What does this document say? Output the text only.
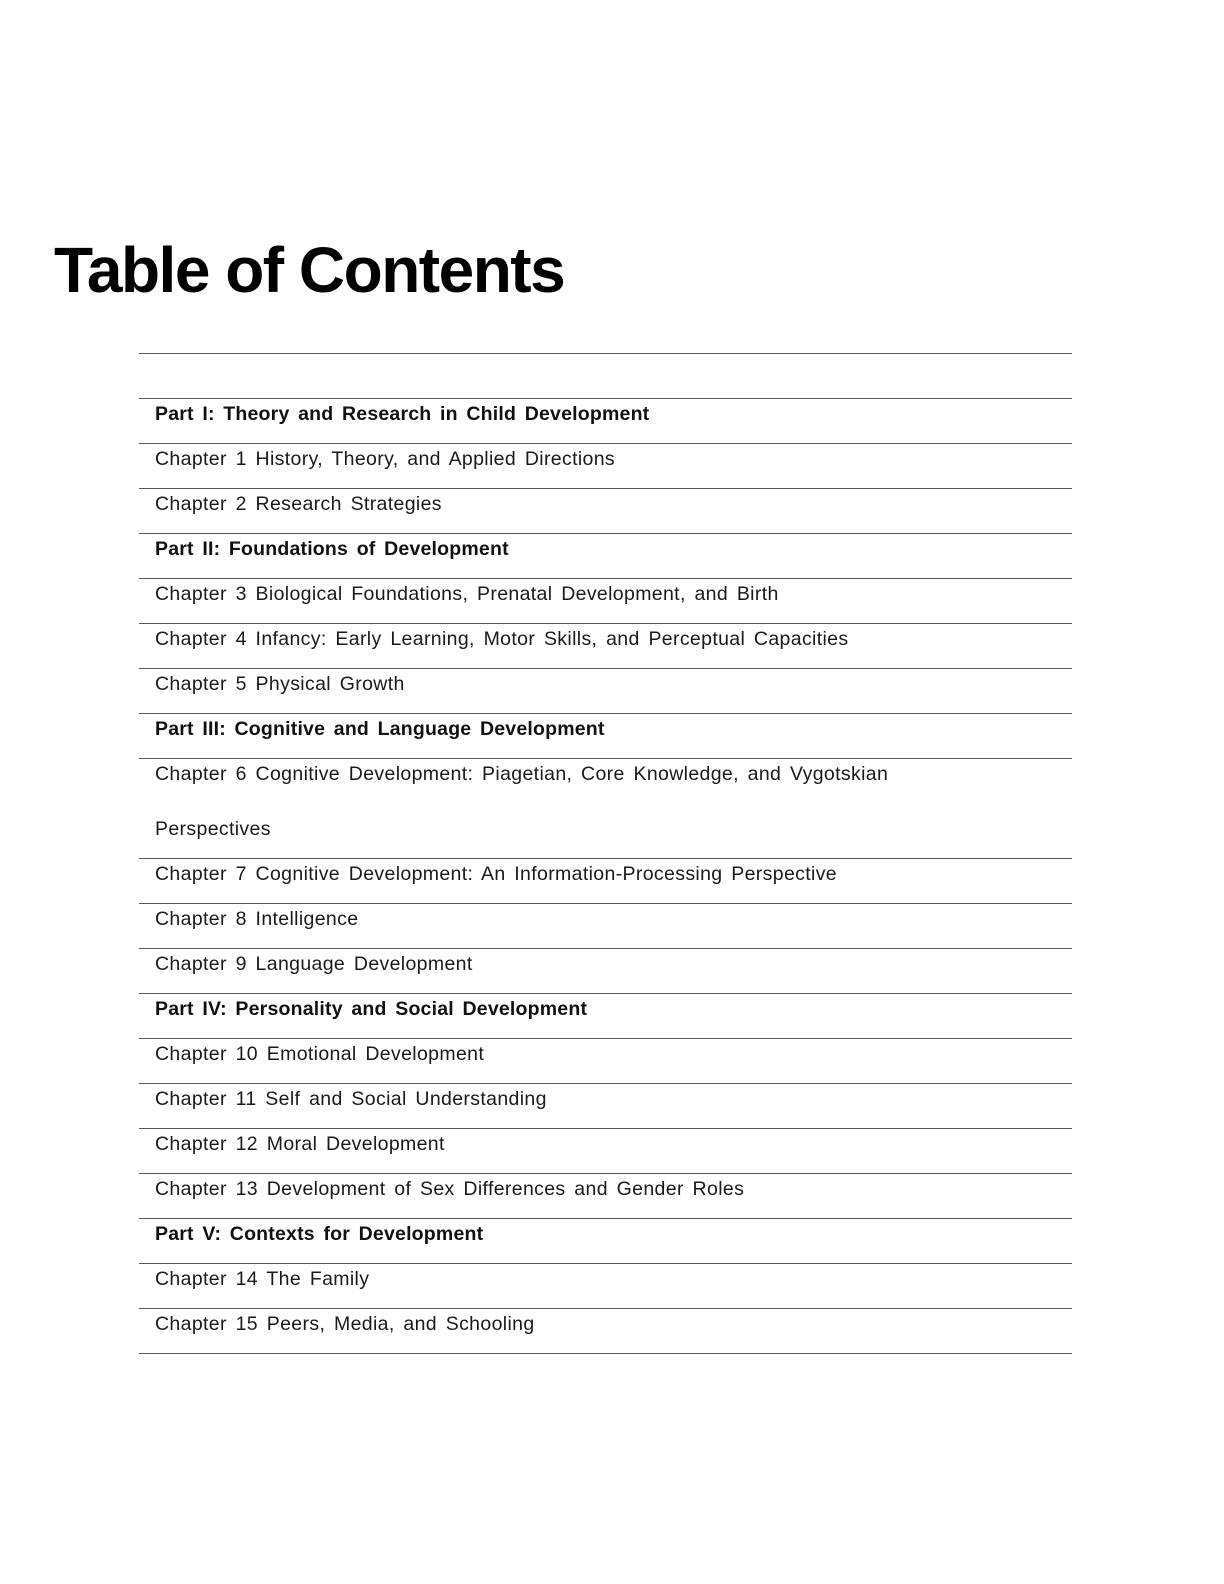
Table of Contents
Part I: Theory and Research in Child Development
Chapter 1 History, Theory, and Applied Directions
Chapter 2 Research Strategies
Part II: Foundations of Development
Chapter 3 Biological Foundations, Prenatal Development, and Birth
Chapter 4 Infancy: Early Learning, Motor Skills, and Perceptual Capacities
Chapter 5 Physical Growth
Part III: Cognitive and Language Development
Chapter 6 Cognitive Development: Piagetian, Core Knowledge, and Vygotskian
Perspectives
Chapter 7 Cognitive Development: An Information-Processing Perspective
Chapter 8 Intelligence
Chapter 9 Language Development
Part IV: Personality and Social Development
Chapter 10 Emotional Development
Chapter 11 Self and Social Understanding
Chapter 12 Moral Development
Chapter 13 Development of Sex Differences and Gender Roles
Part V: Contexts for Development
Chapter 14 The Family
Chapter 15 Peers, Media, and Schooling
